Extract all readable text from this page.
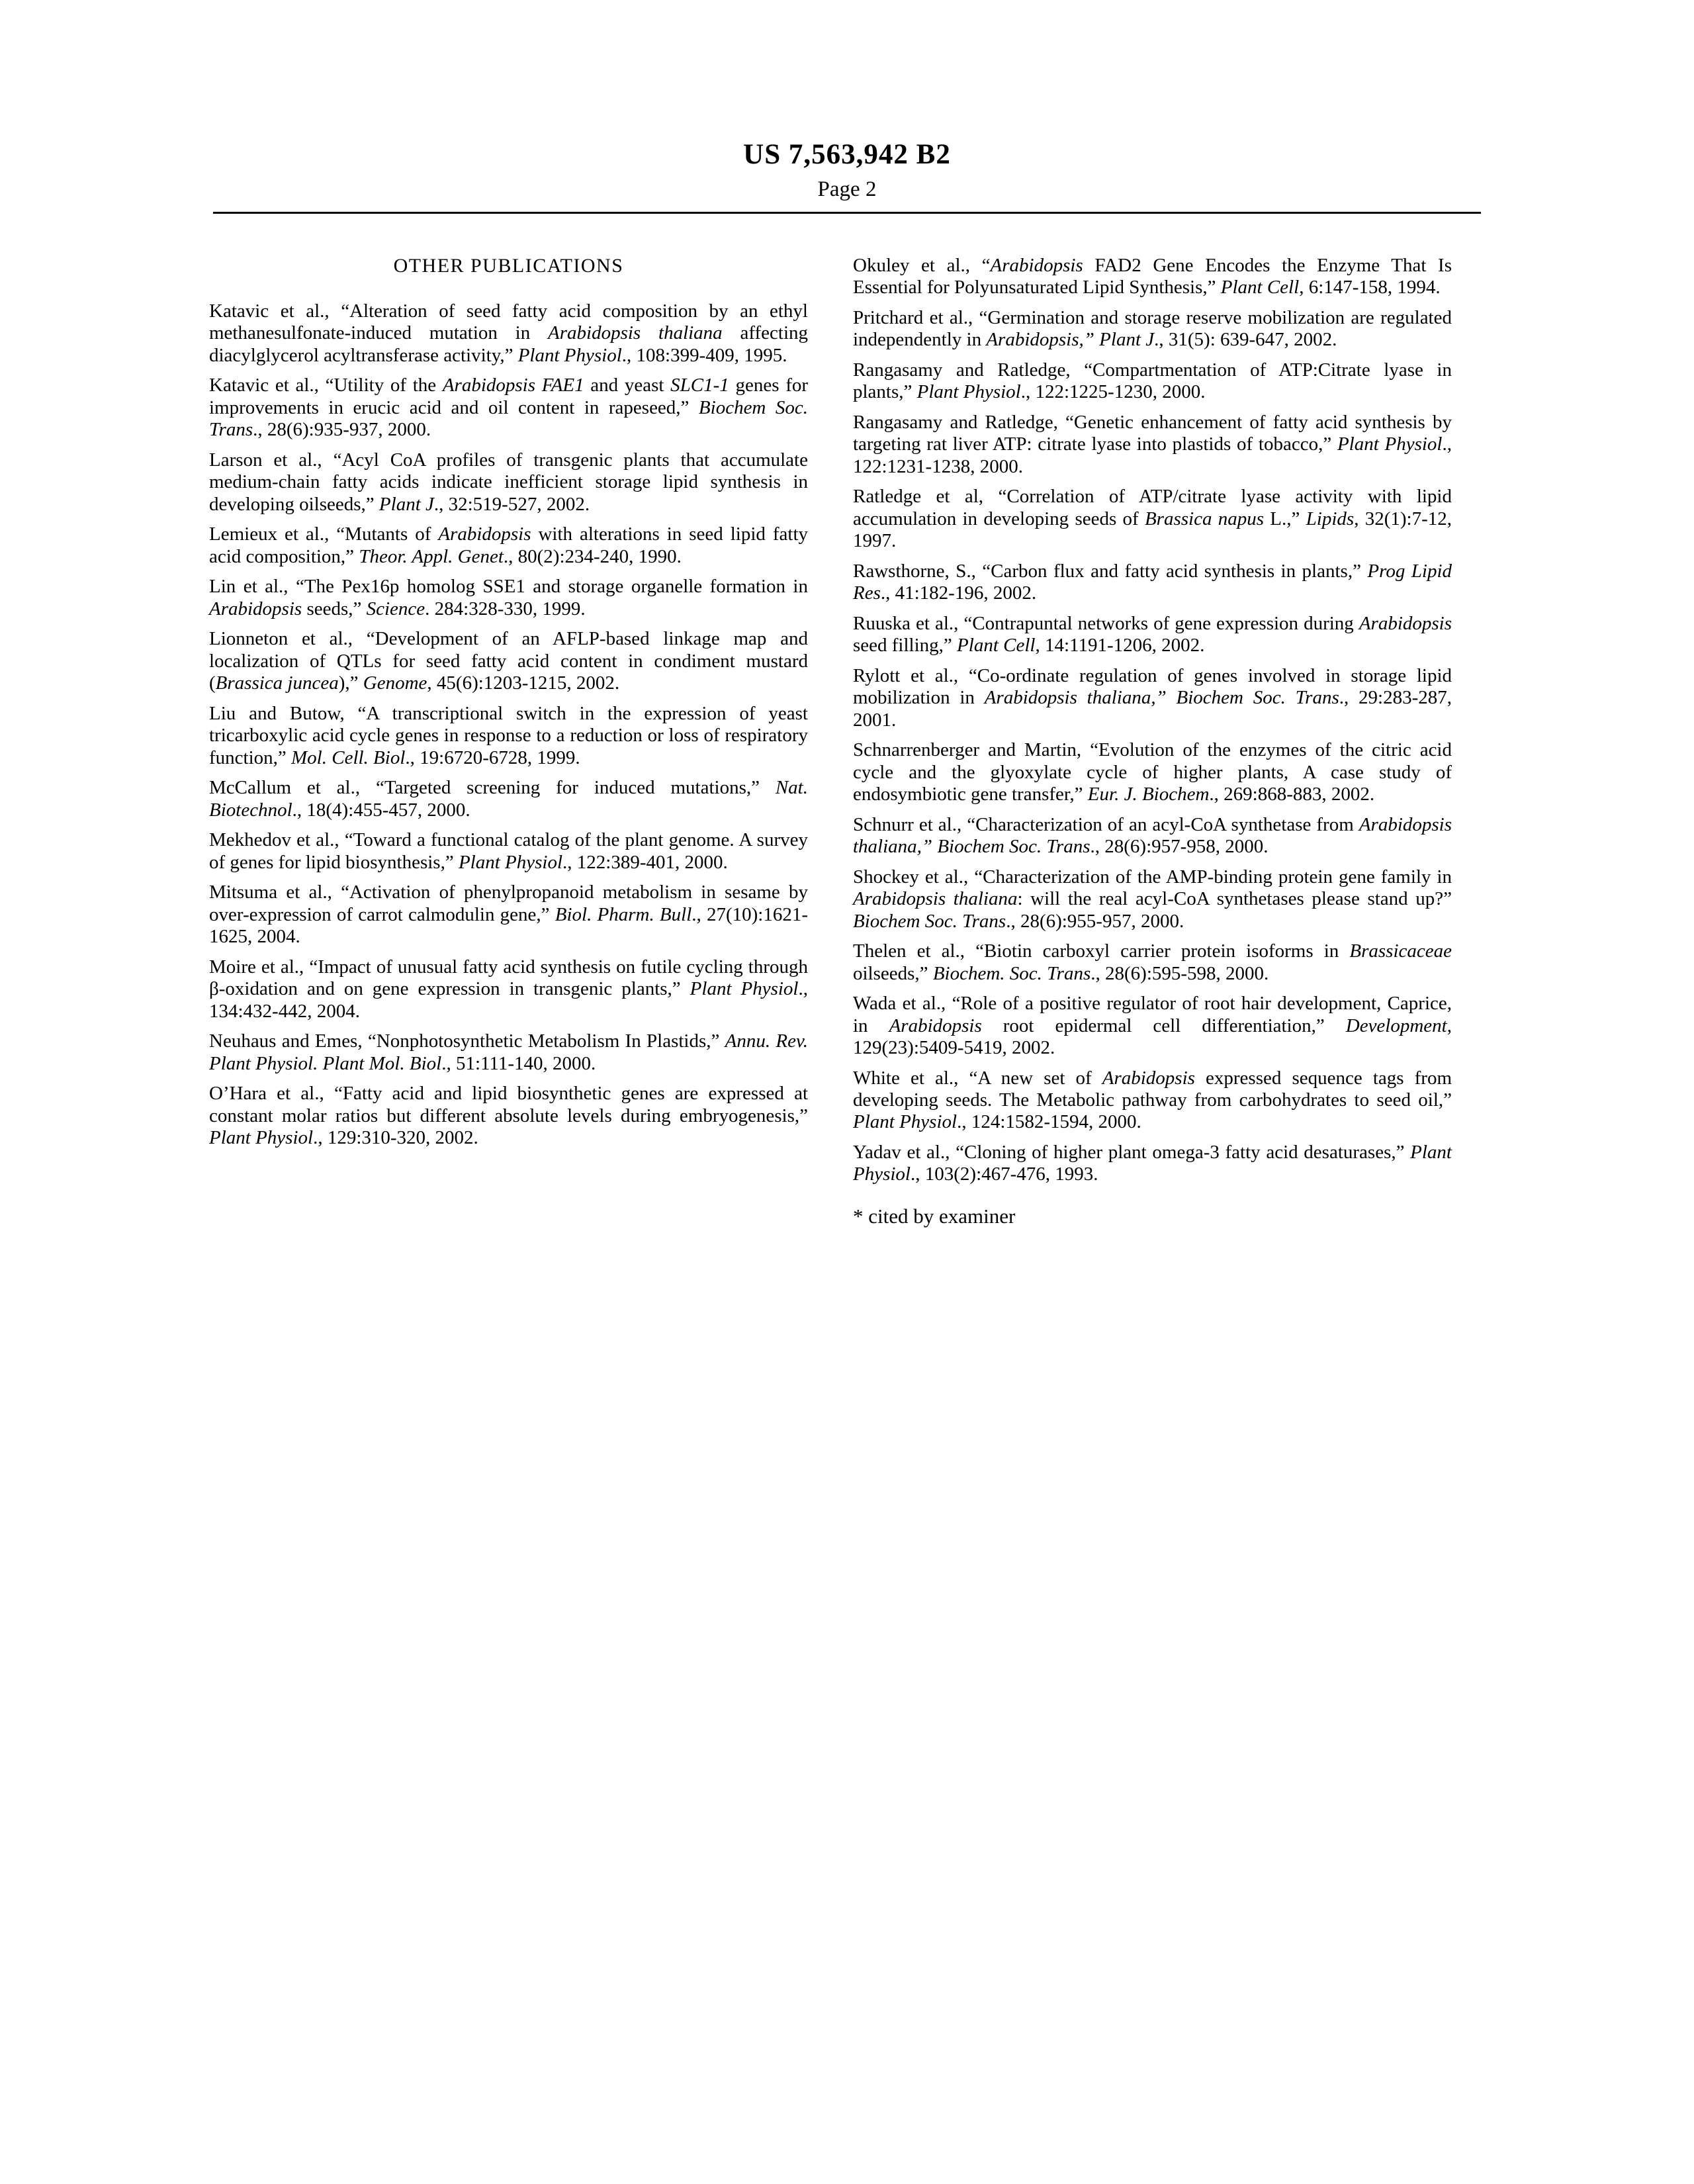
US 7,563,942 B2
Page 2
OTHER PUBLICATIONS

Katavic et al., “Alteration of seed fatty acid composition by an ethyl methanesulfonate-induced mutation in Arabidopsis thaliana affecting diacylglycerol acyltransferase activity,” Plant Physiol., 108:399-409, 1995.

Katavic et al., “Utility of the Arabidopsis FAE1 and yeast SLC1-1 genes for improvements in erucic acid and oil content in rapeseed,” Biochem Soc. Trans., 28(6):935-937, 2000.

Larson et al., “Acyl CoA profiles of transgenic plants that accumulate medium-chain fatty acids indicate inefficient storage lipid synthesis in developing oilseeds,” Plant J., 32:519-527, 2002.

Lemieux et al., “Mutants of Arabidopsis with alterations in seed lipid fatty acid composition,” Theor. Appl. Genet., 80(2):234-240, 1990.

Lin et al., “The Pex16p homolog SSE1 and storage organelle formation in Arabidopsis seeds,” Science. 284:328-330, 1999.

Lionneton et al., “Development of an AFLP-based linkage map and localization of QTLs for seed fatty acid content in condiment mustard (Brassica juncea),” Genome, 45(6):1203-1215, 2002.

Liu and Butow, “A transcriptional switch in the expression of yeast tricarboxylic acid cycle genes in response to a reduction or loss of respiratory function,” Mol. Cell. Biol., 19:6720-6728, 1999.

McCallum et al., “Targeted screening for induced mutations,” Nat. Biotechnol., 18(4):455-457, 2000.

Mekhedov et al., “Toward a functional catalog of the plant genome. A survey of genes for lipid biosynthesis,” Plant Physiol., 122:389-401, 2000.

Mitsuma et al., “Activation of phenylpropanoid metabolism in sesame by over-expression of carrot calmodulin gene,” Biol. Pharm. Bull., 27(10):1621-1625, 2004.

Moire et al., “Impact of unusual fatty acid synthesis on futile cycling through β-oxidation and on gene expression in transgenic plants,” Plant Physiol., 134:432-442, 2004.

Neuhaus and Emes, “Nonphotosynthetic Metabolism In Plastids,” Annu. Rev. Plant Physiol. Plant Mol. Biol., 51:111-140, 2000.

O’Hara et al., “Fatty acid and lipid biosynthetic genes are expressed at constant molar ratios but different absolute levels during embryogenesis,” Plant Physiol., 129:310-320, 2002.

Okuley et al., “Arabidopsis FAD2 Gene Encodes the Enzyme That Is Essential for Polyunsaturated Lipid Synthesis,” Plant Cell, 6:147-158, 1994.

Pritchard et al., “Germination and storage reserve mobilization are regulated independently in Arabidopsis,” Plant J., 31(5): 639-647, 2002.

Rangasamy and Ratledge, “Compartmentation of ATP:Citrate lyase in plants,” Plant Physiol., 122:1225-1230, 2000.

Rangasamy and Ratledge, “Genetic enhancement of fatty acid synthesis by targeting rat liver ATP: citrate lyase into plastids of tobacco,” Plant Physiol., 122:1231-1238, 2000.

Ratledge et al, “Correlation of ATP/citrate lyase activity with lipid accumulation in developing seeds of Brassica napus L.,” Lipids, 32(1):7-12, 1997.

Rawsthorne, S., “Carbon flux and fatty acid synthesis in plants,” Prog Lipid Res., 41:182-196, 2002.

Ruuska et al., “Contrapuntal networks of gene expression during Arabidopsis seed filling,” Plant Cell, 14:1191-1206, 2002.

Rylott et al., “Co-ordinate regulation of genes involved in storage lipid mobilization in Arabidopsis thaliana,” Biochem Soc. Trans., 29:283-287, 2001.

Schnarrenberger and Martin, “Evolution of the enzymes of the citric acid cycle and the glyoxylate cycle of higher plants, A case study of endosymbiotic gene transfer,” Eur. J. Biochem., 269:868-883, 2002.

Schnurr et al., “Characterization of an acyl-CoA synthetase from Arabidopsis thaliana,” Biochem Soc. Trans., 28(6):957-958, 2000.

Shockey et al., “Characterization of the AMP-binding protein gene family in Arabidopsis thaliana: will the real acyl-CoA synthetases please stand up?” Biochem Soc. Trans., 28(6):955-957, 2000.

Thelen et al., “Biotin carboxyl carrier protein isoforms in Brassicaceae oilseeds,” Biochem. Soc. Trans., 28(6):595-598, 2000.

Wada et al., “Role of a positive regulator of root hair development, Caprice, in Arabidopsis root epidermal cell differentiation,” Development, 129(23):5409-5419, 2002.

White et al., “A new set of Arabidopsis expressed sequence tags from developing seeds. The Metabolic pathway from carbohydrates to seed oil,” Plant Physiol., 124:1582-1594, 2000.

Yadav et al., “Cloning of higher plant omega-3 fatty acid desaturases,” Plant Physiol., 103(2):467-476, 1993.

* cited by examiner
